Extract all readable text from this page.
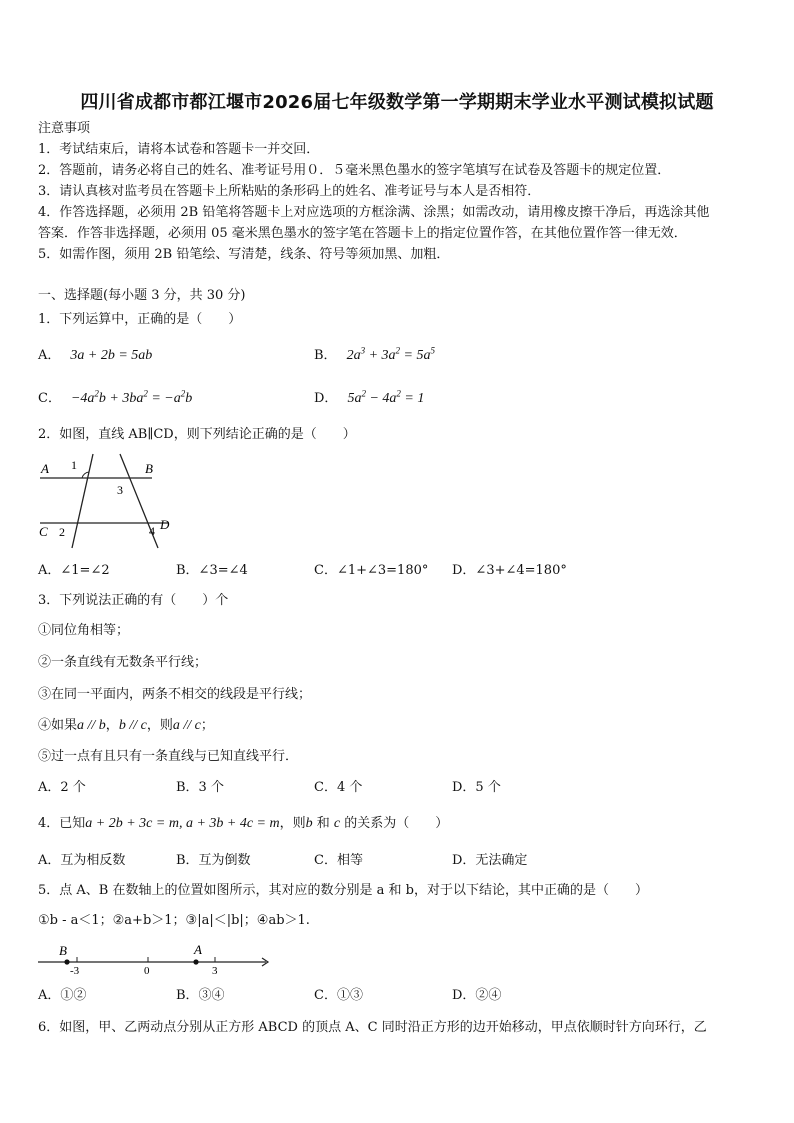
四川省成都市都江堰市2026届七年级数学第一学期期末学业水平测试模拟试题
注意事项
1．考试结束后，请将本试卷和答题卡一并交回．
2．答题前，请务必将自己的姓名、准考证号用０．５毫米黑色墨水的签字笔填写在试卷及答题卡的规定位置．
3．请认真核对监考员在答题卡上所粘贴的条形码上的姓名、准考证号与本人是否相符．
4．作答选择题，必须用 2B 铅笔将答题卡上对应选项的方框涂满、涂黑；如需改动，请用橡皮擦干净后，再选涂其他
答案．作答非选择题，必须用 05 毫米黑色墨水的签字笔在答题卡上的指定位置作答，在其他位置作答一律无效．
5．如需作图，须用 2B 铅笔绘、写清楚，线条、符号等须加黑、加粗．
一、选择题(每小题 3 分，共 30 分)
1．下列运算中，正确的是（　　）
A． 3a + 2b = 5ab	B． $2a^3 + 3a^2 = 5a^5$
C． $-4a^2b + 3ba^2 = -a^2b$	D． $5a^2 - 4a^2 = 1$
2．如图，直线 AB∥CD，则下列结论正确的是（　　）
A	B
C	D
1
2
3
4
A．∠1=∠2	B．∠3=∠4	C．∠1+∠3=180° D．∠3+∠4=180°
3．下列说法正确的有（　　）个
①同位角相等；
②一条直线有无数条平行线；
③在同一平面内，两条不相交的线段是平行线；
④如果a // b，b // c，则a // c；
⑤过一点有且只有一条直线与已知直线平行．
A．2 个	B．3 个	C．4 个	D．5 个
4．已知a + 2b + 3c = m, a + 3b + 4c = m，则b 和 c 的关系为（　　）
A．互为相反数	B．互为倒数	C．相等	D．无法确定
5．点 A、B 在数轴上的位置如图所示，其对应的数分别是 a 和 b，对于以下结论，其中正确的是（　　）
①b - a＜1；②a+b＞1；③|a|＜|b|；④ab＞1.
B	A
-3	0	3
A．①②	B．③④	C．①③	D．②④
6．如图，甲、乙两动点分别从正方形 ABCD 的顶点 A、C 同时沿正方形的边开始移动，甲点依顺时针方向环行，乙
